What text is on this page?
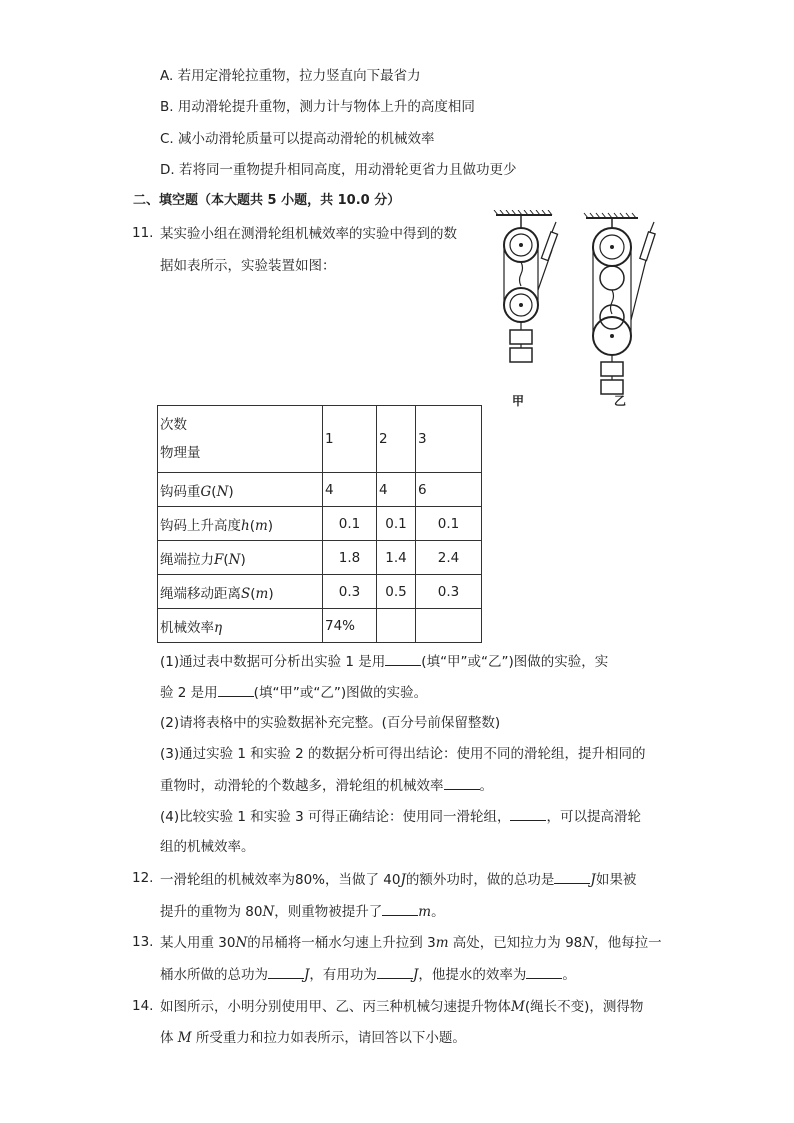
A. 若用定滑轮拉重物，拉力竖直向下最省力
B. 用动滑轮提升重物，测力计与物体上升的高度相同
C. 减小动滑轮质量可以提高动滑轮的机械效率
D. 若将同一重物提升相同高度，用动滑轮更省力且做功更少
二、填空题（本大题共 5 小题，共 10.0 分）
11. 某实验小组在测滑轮组机械效率的实验中得到的数
据如表所示，实验装置如图：
甲	乙
次数
物理量	1	2	3
钩码重G(N)	4	4	6
钩码上升高度h(m)	0.1	0.1	0.1
绳端拉力F(N)	1.8	1.4	2.4
绳端移动距离S(m)	0.3	0.5	0.3
机械效率η	74%		
(1)通过表中数据可分析出实验 1 是用	(填“甲”或“乙”)图做的实验，实
验 2 是用	(填“甲”或“乙”)图做的实验。
(2)请将表格中的实验数据补充完整。(百分号前保留整数)
(3)通过实验 1 和实验 2 的数据分析可得出结论：使用不同的滑轮组，提升相同的
重物时，动滑轮的个数越多，滑轮组的机械效率	。
(4)比较实验 1 和实验 3 可得正确结论：使用同一滑轮组，	，可以提高滑轮
组的机械效率。
12. 一滑轮组的机械效率为80%，当做了 40J的额外功时，做的总功是	J如果被
提升的重物为 80N，则重物被提升了	m。
13. 某人用重 30N的吊桶将一桶水匀速上升拉到 3m 高处，已知拉力为 98N，他每拉一
桶水所做的总功为	J，有用功为	J，他提水的效率为	。
14. 如图所示，小明分别使用甲、乙、丙三种机械匀速提升物体M(绳长不变)，测得物
体 M 所受重力和拉力如表所示，请回答以下小题。
